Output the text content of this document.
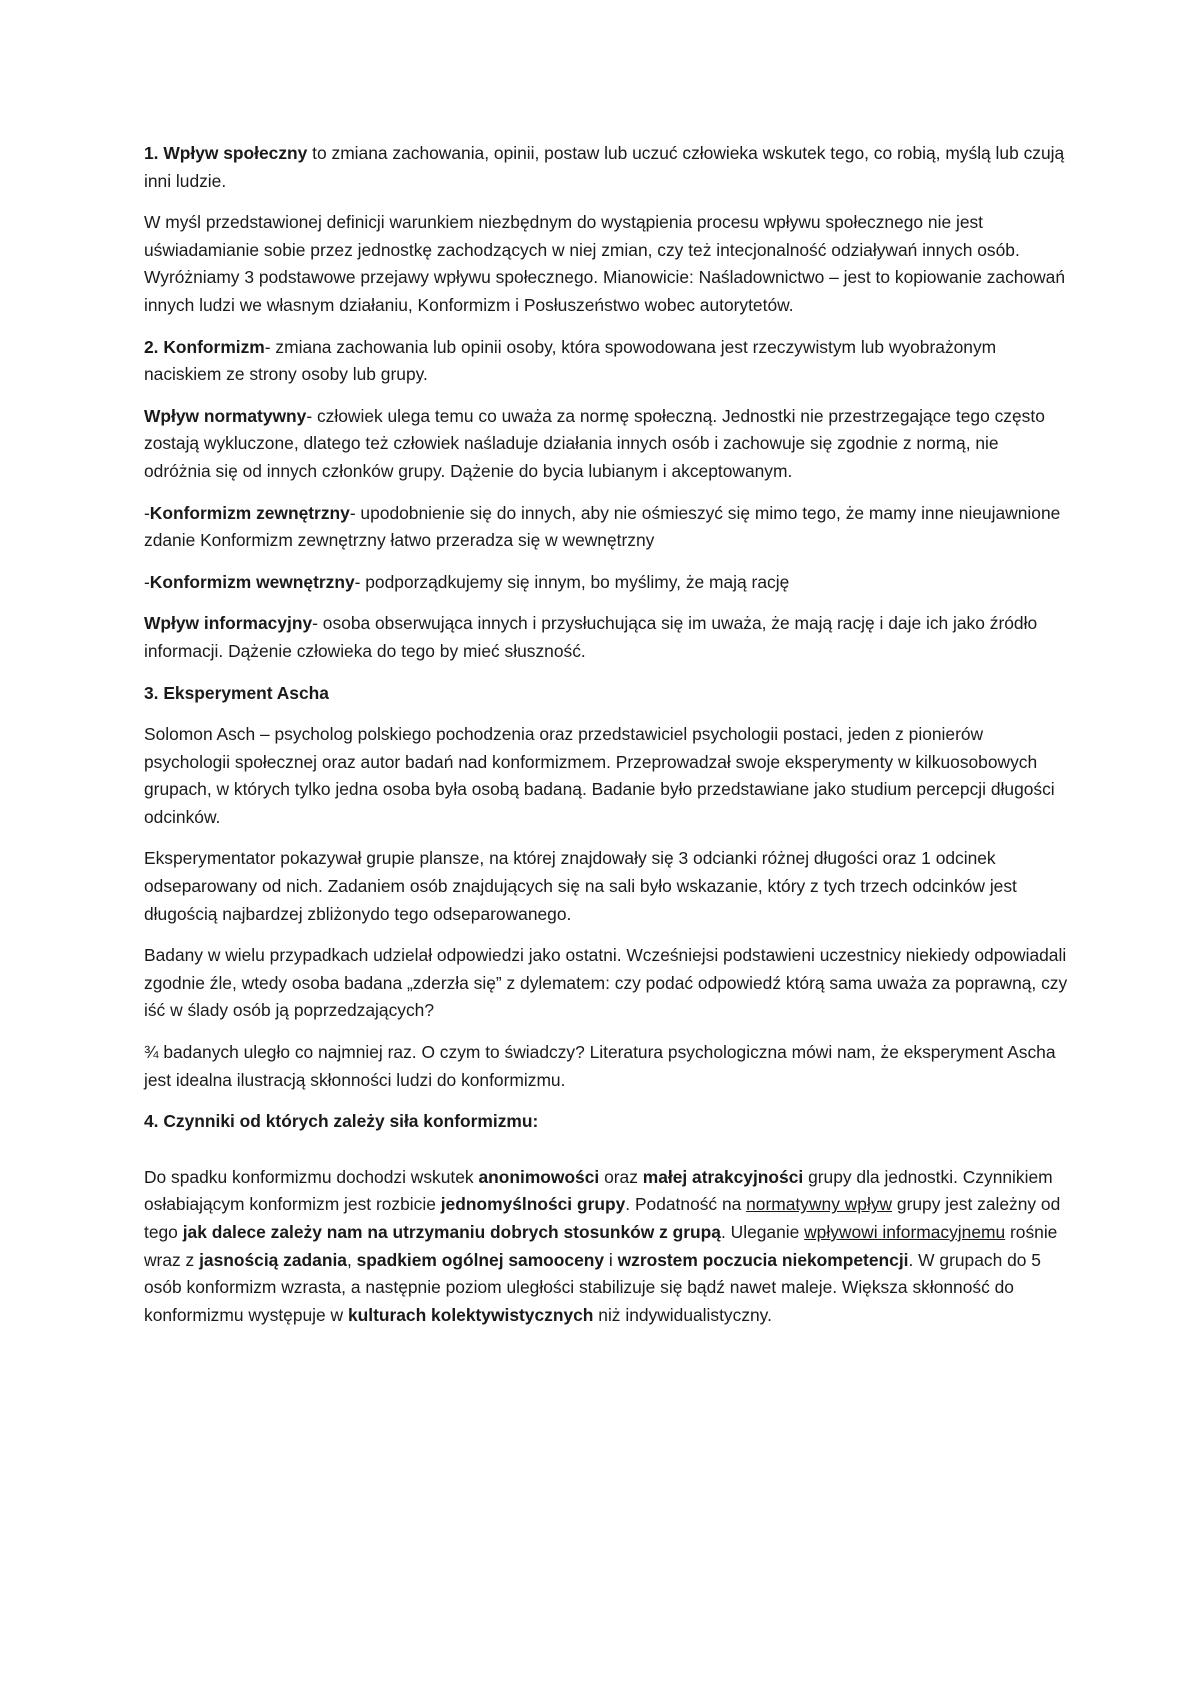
1. Wpływ społeczny to zmiana zachowania, opinii, postaw lub uczuć człowieka wskutek tego, co robią, myślą lub czują inni ludzie.

W myśl przedstawionej definicji warunkiem niezbędnym do wystąpienia procesu wpływu społecznego nie jest uświadamianie sobie przez jednostkę zachodzących w niej zmian, czy też intecjonalność odziaływań innych osób. Wyróżniamy 3 podstawowe przejawy wpływu społecznego. Mianowicie: Naśladownictwo – jest to kopiowanie zachowań innych ludzi we własnym działaniu, Konformizm i Posłuszeństwo wobec autorytetów.

2. Konformizm- zmiana zachowania lub opinii osoby, która spowodowana jest rzeczywistym lub wyobrażonym naciskiem ze strony osoby lub grupy.

Wpływ normatywny- człowiek ulega temu co uważa za normę społeczną. Jednostki nie przestrzegające tego często zostają wykluczone, dlatego też człowiek naśladuje działania innych osób i zachowuje się zgodnie z normą, nie odróżnia się od innych członków grupy. Dążenie do bycia lubianym i akceptowanym.

-Konformizm zewnętrzny- upodobnienie się do innych, aby nie ośmieszyć się mimo tego, że mamy inne nieujawnione zdanie Konformizm zewnętrzny łatwo przeradza się w wewnętrzny

-Konformizm wewnętrzny- podporządkujemy się innym, bo myślimy, że mają rację

Wpływ informacyjny- osoba obserwująca innych i przysłuchująca się im uważa, że mają rację i daje ich jako źródło informacji. Dążenie człowieka do tego by mieć słuszność.

3. Eksperyment Ascha

Solomon Asch – psycholog polskiego pochodzenia oraz przedstawiciel psychologii postaci, jeden z pionierów psychologii społecznej oraz autor badań nad konformizmem. Przeprowadzał swoje eksperymenty w kilkuosobowych grupach, w których tylko jedna osoba była osobą badaną. Badanie było przedstawiane jako studium percepcji długości odcinków.

Eksperymentator pokazywał grupie plansze, na której znajdowały się 3 odcianki różnej długości oraz 1 odcinek odseparowany od nich. Zadaniem osób znajdujących się na sali było wskazanie, który z tych trzech odcinków jest długością najbardzej zbliżonydo tego odseparowanego.

Badany w wielu przypadkach udzielał odpowiedzi jako ostatni. Wcześniejsi podstawieni uczestnicy niekiedy odpowiadali zgodnie źle, wtedy osoba badana „zderzła się” z dylematem: czy podać odpowiedź którą sama uważa za poprawną, czy iść w ślady osób ją poprzedzających?

¾ badanych uległo co najmniej raz. O czym to świadczy? Literatura psychologiczna mówi nam, że eksperyment Ascha jest idealna ilustracją skłonności ludzi do konformizmu.

4. Czynniki od których zależy siła konformizmu:

Do spadku konformizmu dochodzi wskutek anonimowości oraz małej atrakcyjności grupy dla jednostki. Czynnikiem osłabiającym konformizm jest rozbicie jednomyślności grupy. Podatność na normatywny wpływ grupy jest zależny od tego jak dalece zależy nam na utrzymaniu dobrych stosunków z grupą. Uleganie wpływowi informacyjnemu rośnie wraz z jasnością zadania, spadkiem ogólnej samooceny i wzrostem poczucia niekompetencji. W grupach do 5 osób konformizm wzrasta, a następnie poziom uległości stabilizuje się bądź nawet maleje. Większa skłonność do konformizmu występuje w kulturach kolektywistycznych niż indywidualistyczny.
